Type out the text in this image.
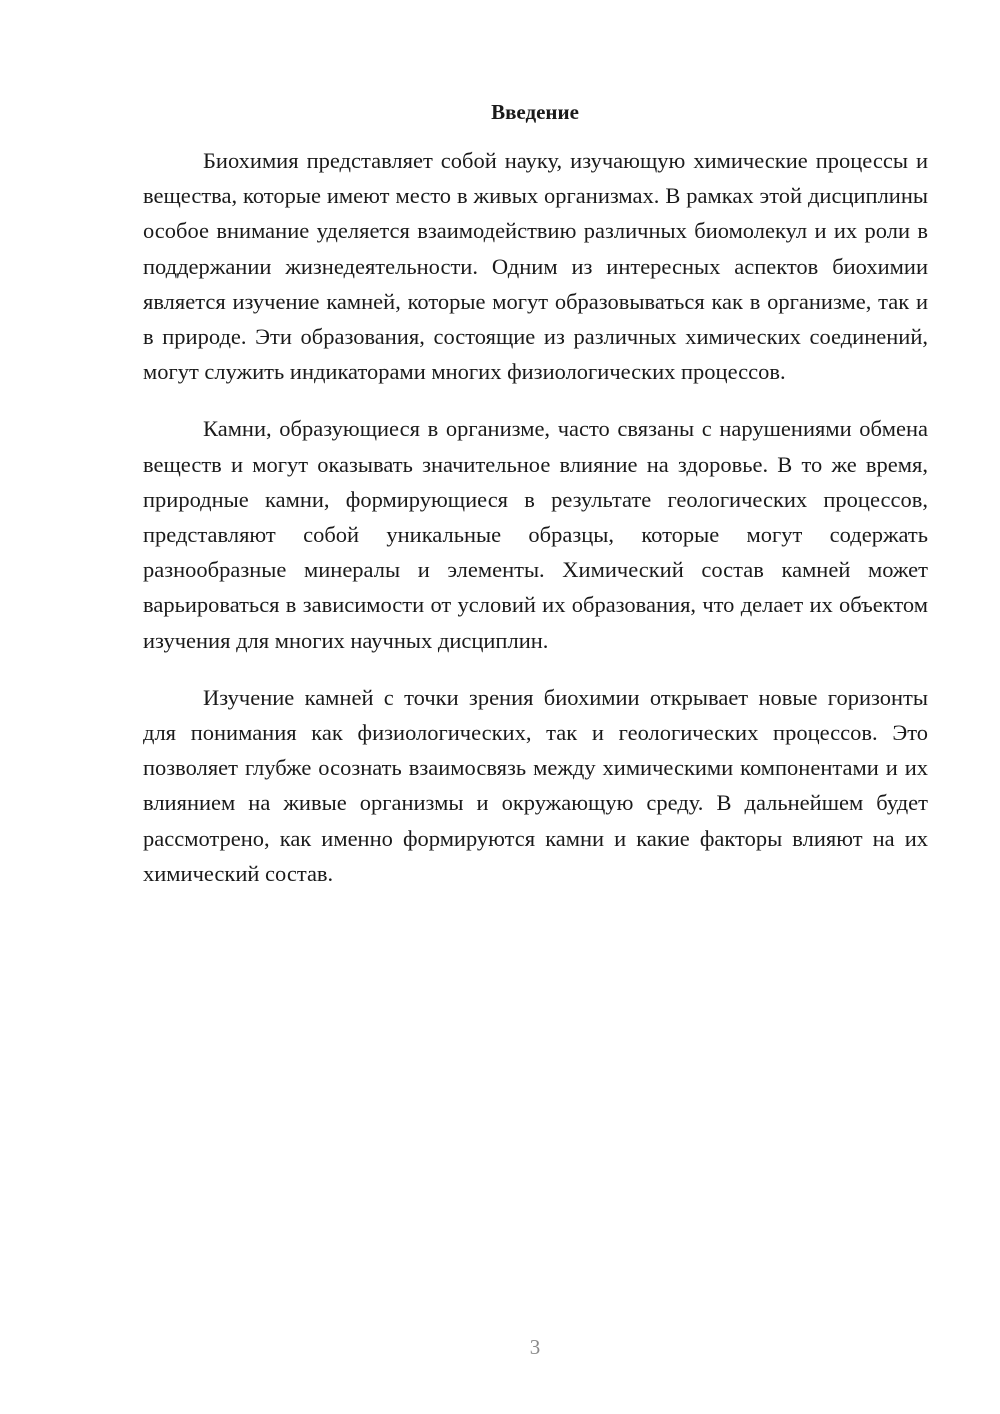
Введение

Биохимия представляет собой науку, изучающую химические процессы и вещества, которые имеют место в живых организмах. В рамках этой дисциплины особое внимание уделяется взаимодействию различных биомолекул и их роли в поддержании жизнедеятельности. Одним из интересных аспектов биохимии является изучение камней, которые могут образовываться как в организме, так и в природе. Эти образования, состоящие из различных химических соединений, могут служить индикаторами многих физиологических процессов.

Камни, образующиеся в организме, часто связаны с нарушениями обмена веществ и могут оказывать значительное влияние на здоровье. В то же время, природные камни, формирующиеся в результате геологических процессов, представляют собой уникальные образцы, которые могут содержать разнообразные минералы и элементы. Химический состав камней может варьироваться в зависимости от условий их образования, что делает их объектом изучения для многих научных дисциплин.

Изучение камней с точки зрения биохимии открывает новые горизонты для понимания как физиологических, так и геологических процессов. Это позволяет глубже осознать взаимосвязь между химическими компонентами и их влиянием на живые организмы и окружающую среду. В дальнейшем будет рассмотрено, как именно формируются камни и какие факторы влияют на их химический состав.

3
